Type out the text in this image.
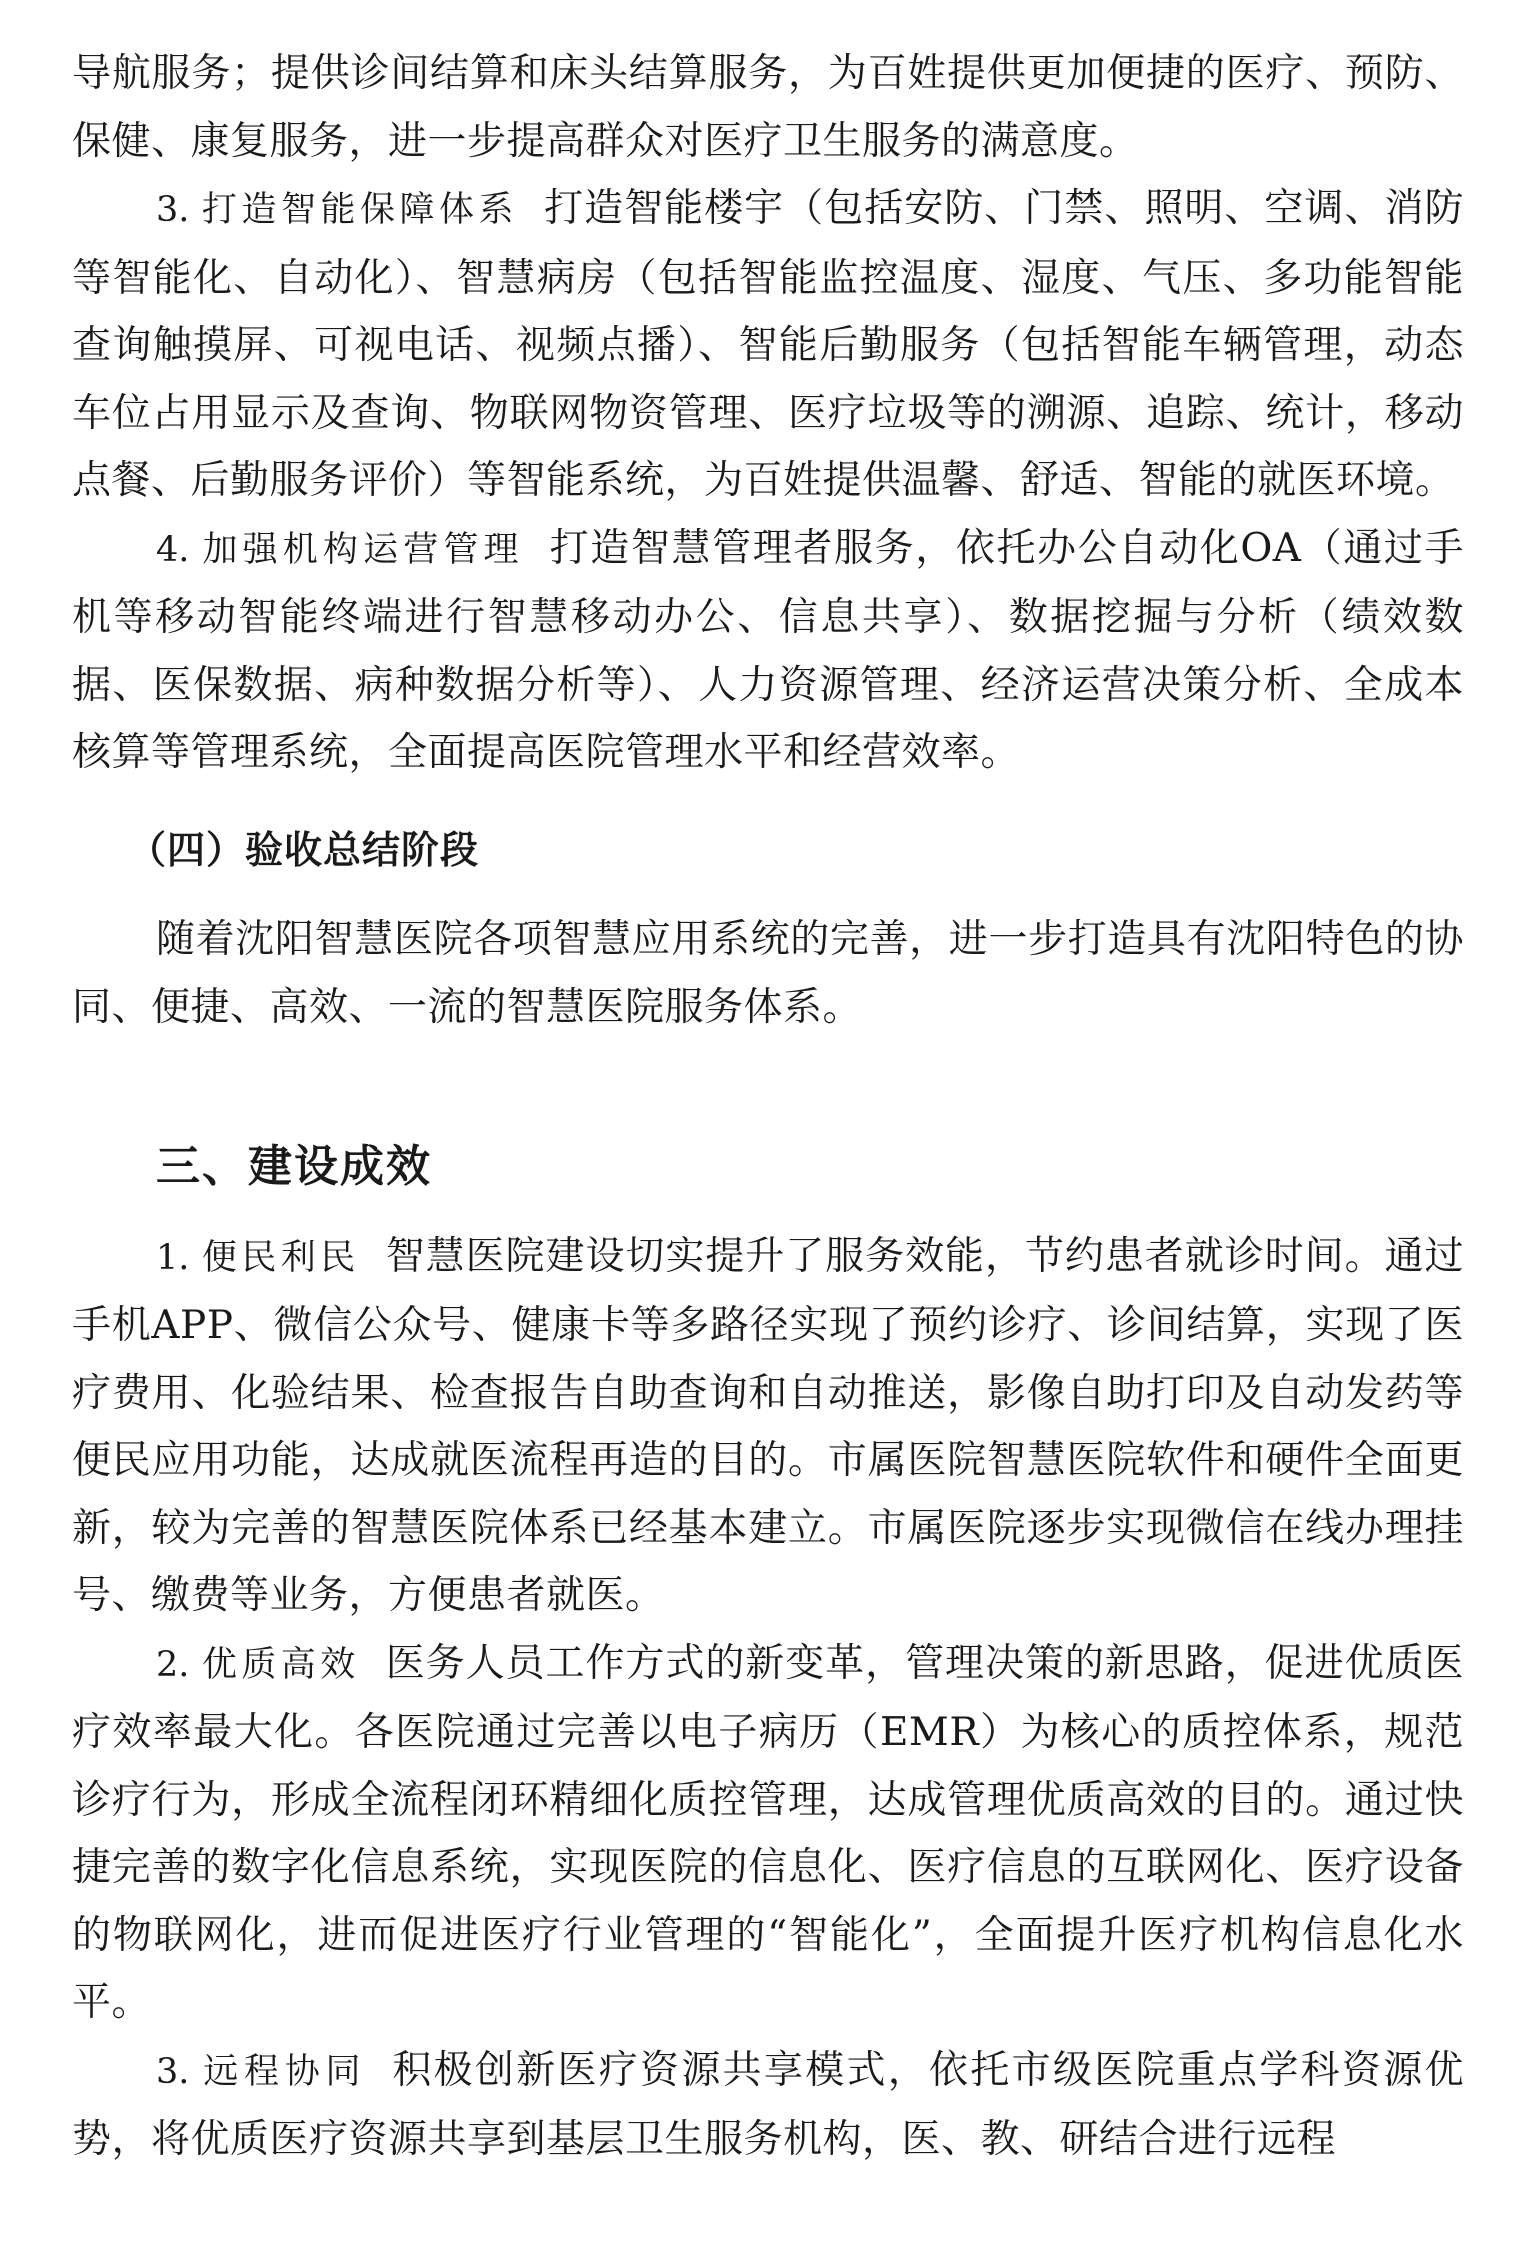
导航服务；提供诊间结算和床头结算服务，为百姓提供更加便捷的医疗、预防、保健、康复服务，进一步提高群众对医疗卫生服务的满意度。

3. 打造智能保障体系 打造智能楼宇（包括安防、门禁、照明、空调、消防等智能化、自动化）、智慧病房（包括智能监控温度、湿度、气压、多功能智能查询触摸屏、可视电话、视频点播）、智能后勤服务（包括智能车辆管理，动态车位占用显示及查询、物联网物资管理、医疗垃圾等的溯源、追踪、统计，移动点餐、后勤服务评价）等智能系统，为百姓提供温馨、舒适、智能的就医环境。

4. 加强机构运营管理 打造智慧管理者服务，依托办公自动化OA（通过手机等移动智能终端进行智慧移动办公、信息共享）、数据挖掘与分析（绩效数据、医保数据、病种数据分析等）、人力资源管理、经济运营决策分析、全成本核算等管理系统，全面提高医院管理水平和经营效率。

（四）验收总结阶段

随着沈阳智慧医院各项智慧应用系统的完善，进一步打造具有沈阳特色的协同、便捷、高效、一流的智慧医院服务体系。

三、建设成效

1. 便民利民 智慧医院建设切实提升了服务效能，节约患者就诊时间。通过手机APP、微信公众号、健康卡等多路径实现了预约诊疗、诊间结算，实现了医疗费用、化验结果、检查报告自助查询和自动推送，影像自助打印及自动发药等便民应用功能，达成就医流程再造的目的。市属医院智慧医院软件和硬件全面更新，较为完善的智慧医院体系已经基本建立。市属医院逐步实现微信在线办理挂号、缴费等业务，方便患者就医。

2. 优质高效 医务人员工作方式的新变革，管理决策的新思路，促进优质医疗效率最大化。各医院通过完善以电子病历（EMR）为核心的质控体系，规范诊疗行为，形成全流程闭环精细化质控管理，达成管理优质高效的目的。通过快捷完善的数字化信息系统，实现医院的信息化、医疗信息的互联网化、医疗设备的物联网化，进而促进医疗行业管理的“智能化”，全面提升医疗机构信息化水平。

3. 远程协同 积极创新医疗资源共享模式，依托市级医院重点学科资源优势，将优质医疗资源共享到基层卫生服务机构，医、教、研结合进行远程
